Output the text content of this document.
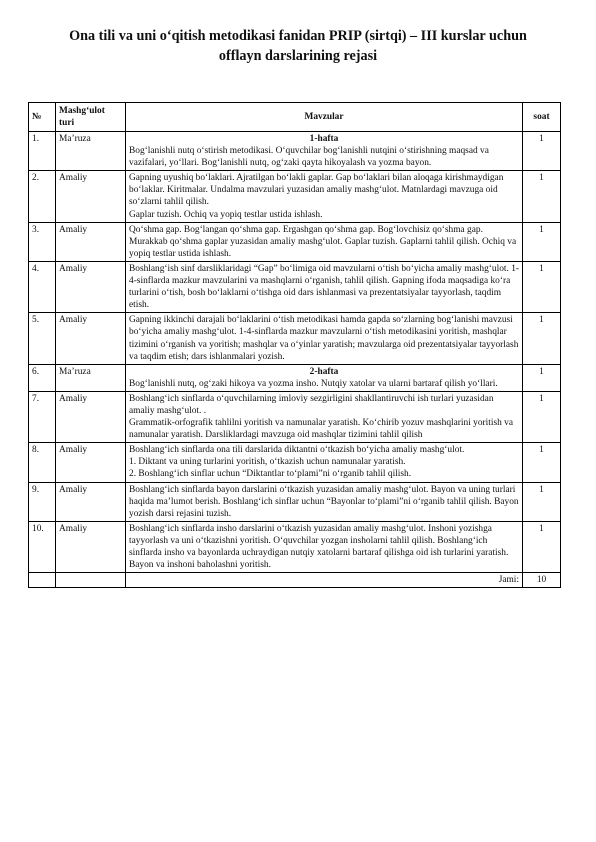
Ona tili va uni o‘qitish metodikasi fanidan PRIP (sirtqi) – III kurslar uchun
offlayn darslarining rejasi
№	Mashg‘ulot turi	Mavzular	soat
1.	Ma’ruza	1-hafta
Bog‘lanishli nutq o‘stirish metodikasi. O‘quvchilar bog‘lanishli nutqini o‘stirishning maqsad va vazifalari, yo‘llari. Bog‘lanishli nutq, og‘zaki qayta hikoyalash va yozma bayon.	1
2.	Amaliy	Gapning uyushiq bo‘laklari. Ajratilgan bo‘lakli gaplar. Gap bo‘laklari bilan aloqaga kirishmaydigan bo‘laklar. Kiritmalar. Undalma mavzulari yuzasidan amaliy mashg‘ulot. Matnlardagi mavzuga oid so‘zlarni tahlil qilish.
Gaplar tuzish. Ochiq va yopiq testlar ustida ishlash.	1
3.	Amaliy	Qo‘shma gap. Bog‘langan qo‘shma gap. Ergashgan qo‘shma gap. Bog‘lovchisiz qo‘shma gap. Murakkab qo‘shma gaplar yuzasidan amaliy mashg‘ulot. Gaplar tuzish. Gaplarni tahlil qilish. Ochiq va yopiq testlar ustida ishlash.	1
4.	Amaliy	Boshlang‘ish sinf darsliklaridagi “Gap” bo‘limiga oid mavzularni o‘tish bo‘yicha amaliy mashg‘ulot. 1-4-sinflarda mazkur mavzularini va mashqlarni o‘rganish, tahlil qilish. Gapning ifoda maqsadiga ko‘ra turlarini o‘tish, bosh bo‘laklarni o‘tishga oid dars ishlanmasi va prezentatsiyalar tayyorlash, taqdim etish.	1
5.	Amaliy	Gapning ikkinchi darajali bo‘laklarini o‘tish metodikasi hamda gapda so‘zlarning bog‘lanishi mavzusi bo‘yicha amaliy mashg‘ulot. 1-4-sinflarda mazkur mavzularni o‘tish metodikasini yoritish, mashqlar tizimini o‘rganish va yoritish; mashqlar va o‘yinlar yaratish; mavzularga oid prezentatsiyalar tayyorlash va taqdim etish; dars ishlanmalari yozish.	1
6.	Ma’ruza	2-hafta
Bog‘lanishli nutq, og‘zaki hikoya va yozma insho. Nutqiy xatolar va ularni bartaraf qilish yo‘llari.	1
7.	Amaliy	Boshlang‘ich sinflarda o‘quvchilarning imloviy sezgirligini shakllantiruvchi ish turlari yuzasidan amaliy mashg‘ulot. .
Grammatik-orfografik tahlilni yoritish va namunalar yaratish. Ko‘chirib yozuv mashqlarini yoritish va namunalar yaratish. Darsliklardagi mavzuga oid mashqlar tizimini tahlil qilish	1
8.	Amaliy	Boshlang‘ich sinflarda ona tili darslarida diktantni o‘tkazish bo‘yicha amaliy mashg‘ulot.
1. Diktant va uning turlarini yoritish, o‘tkazish uchun namunalar yaratish.
2. Boshlang‘ich sinflar uchun “Diktantlar to‘plami”ni o‘rganib tahlil qilish.	1
9.	Amaliy	Boshlang‘ich sinflarda bayon darslarini o‘tkazish yuzasidan amaliy mashg‘ulot. Bayon va uning turlari haqida ma’lumot berish. Boshlang‘ich sinflar uchun “Bayonlar to‘plami”ni o‘rganib tahlil qilish. Bayon yozish darsi rejasini tuzish.	1
10.	Amaliy	Boshlang‘ich sinflarda insho darslarini o‘tkazish yuzasidan amaliy mashg‘ulot. Inshoni yozishga tayyorlash va uni o‘tkazishni yoritish. O‘quvchilar yozgan insholarni tahlil qilish. Boshlang‘ich sinflarda insho va bayonlarda uchraydigan nutqiy xatolarni bartaraf qilishga oid ish turlarini yaratish. Bayon va inshoni baholashni yoritish.	1
		Jami:	10
